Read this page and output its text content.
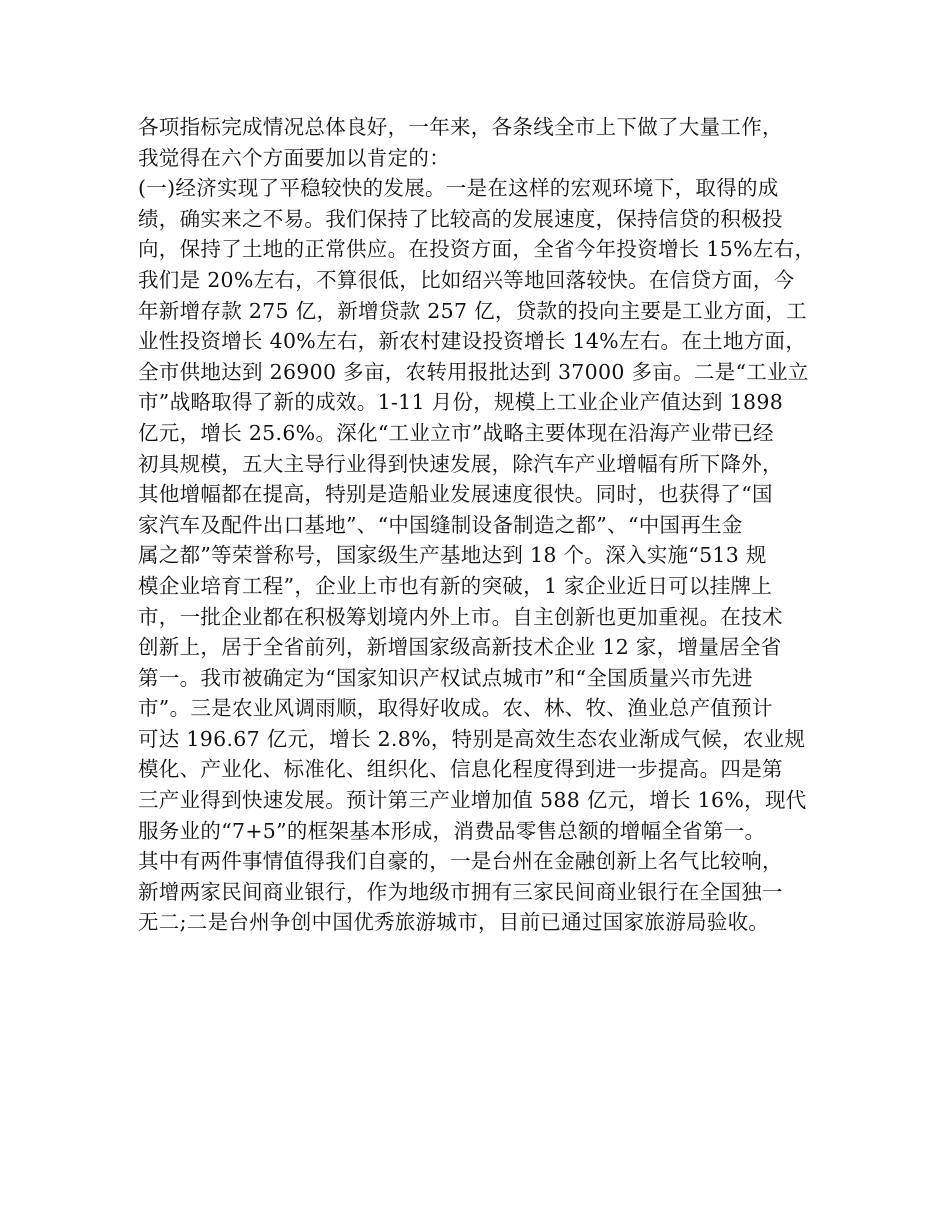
各项指标完成情况总体良好，一年来，各条线全市上下做了大量工作，
我觉得在六个方面要加以肯定的：
(一)经济实现了平稳较快的发展。一是在这样的宏观环境下，取得的成
绩，确实来之不易。我们保持了比较高的发展速度，保持信贷的积极投
向，保持了土地的正常供应。在投资方面，全省今年投资增长 15%左右，
我们是 20%左右，不算很低，比如绍兴等地回落较快。在信贷方面，今
年新增存款 275 亿，新增贷款 257 亿，贷款的投向主要是工业方面，工
业性投资增长 40%左右，新农村建设投资增长 14%左右。在土地方面，
全市供地达到 26900 多亩，农转用报批达到 37000 多亩。二是“工业立
市”战略取得了新的成效。1-11 月份，规模上工业企业产值达到 1898
亿元，增长 25.6%。深化“工业立市”战略主要体现在沿海产业带已经
初具规模，五大主导行业得到快速发展，除汽车产业增幅有所下降外，
其他增幅都在提高，特别是造船业发展速度很快。同时，也获得了“国
家汽车及配件出口基地”、“中国缝制设备制造之都”、“中国再生金
属之都”等荣誉称号，国家级生产基地达到 18 个。深入实施“513 规
模企业培育工程”，企业上市也有新的突破，1 家企业近日可以挂牌上
市，一批企业都在积极筹划境内外上市。自主创新也更加重视。在技术
创新上，居于全省前列，新增国家级高新技术企业 12 家，增量居全省
第一。我市被确定为“国家知识产权试点城市”和“全国质量兴市先进
市”。三是农业风调雨顺，取得好收成。农、林、牧、渔业总产值预计
可达 196.67 亿元，增长 2.8%，特别是高效生态农业渐成气候，农业规
模化、产业化、标准化、组织化、信息化程度得到进一步提高。四是第
三产业得到快速发展。预计第三产业增加值 588 亿元，增长 16%，现代
服务业的“7+5”的框架基本形成，消费品零售总额的增幅全省第一。
其中有两件事情值得我们自豪的，一是台州在金融创新上名气比较响，
新增两家民间商业银行，作为地级市拥有三家民间商业银行在全国独一
无二;二是台州争创中国优秀旅游城市，目前已通过国家旅游局验收。
